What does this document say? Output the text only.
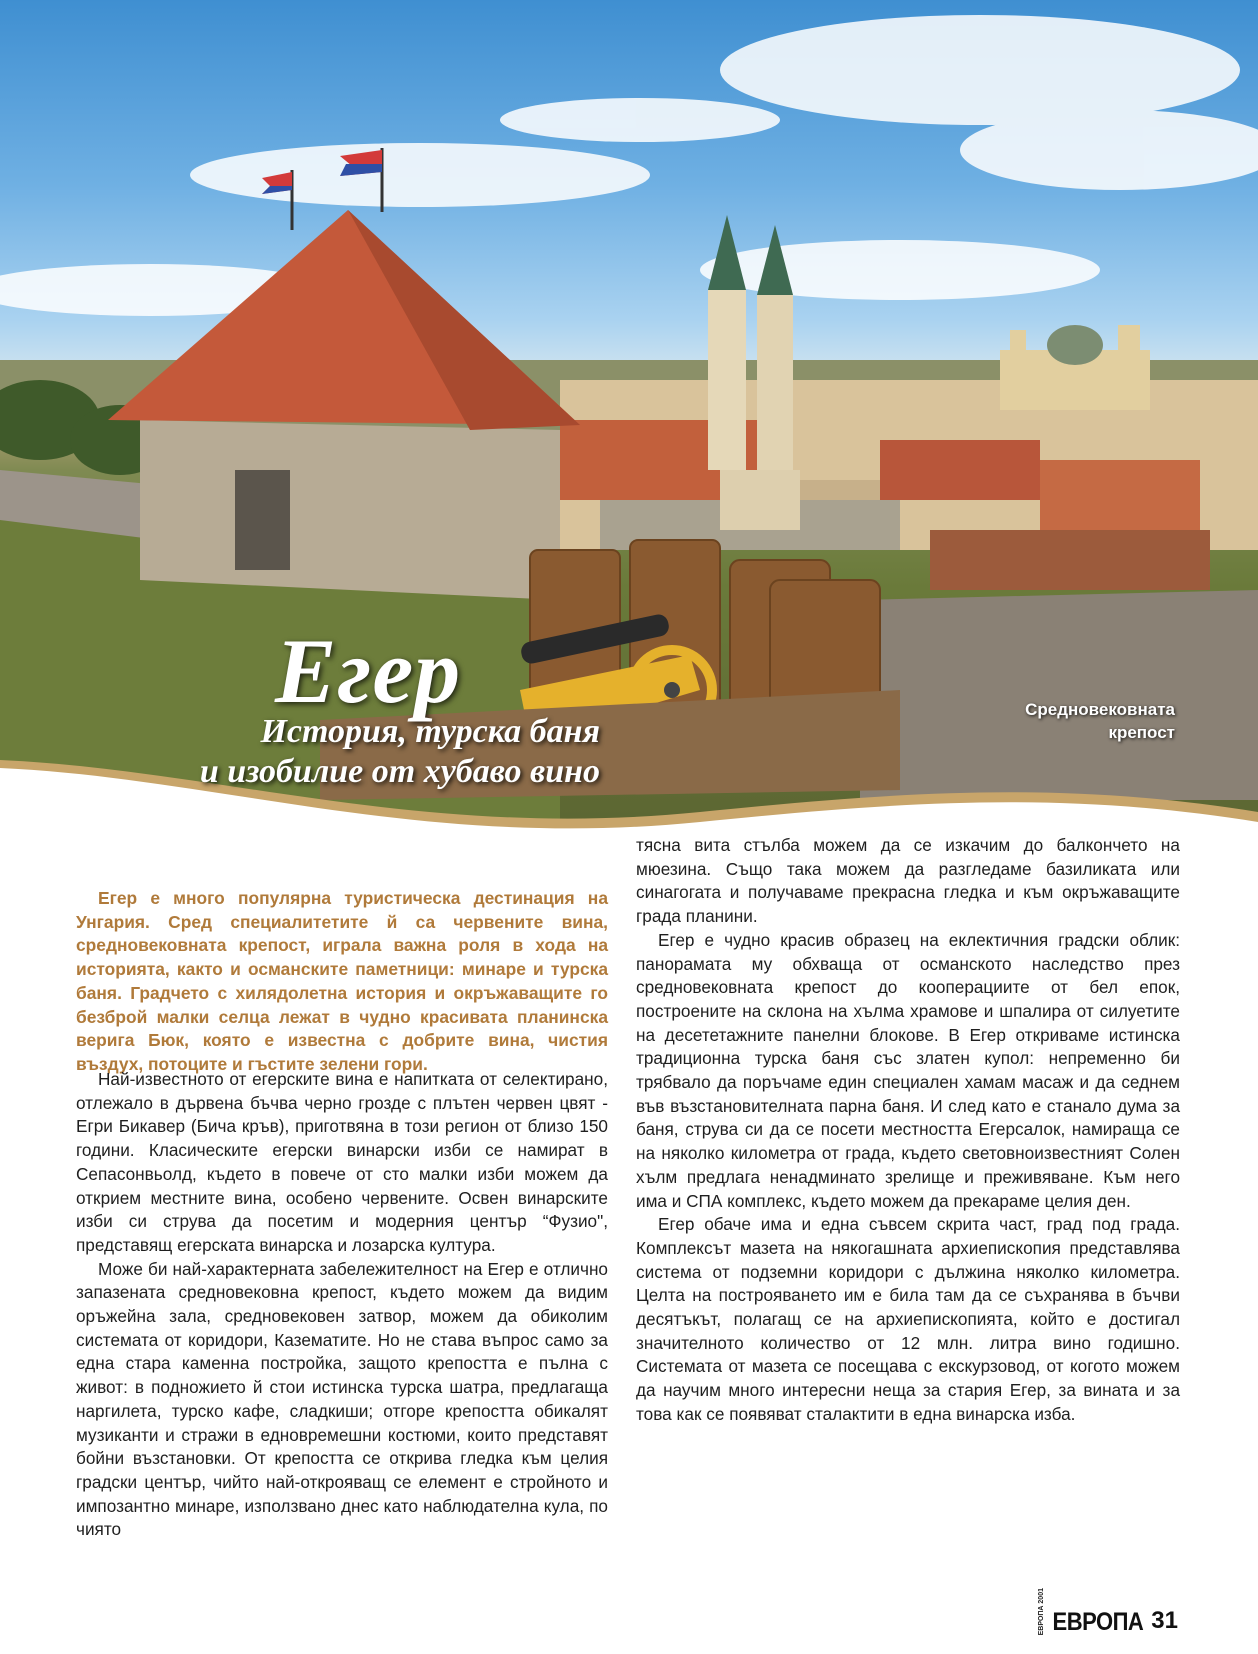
Егер
История, турска баня
и изобилие от хубаво вино
Средновековната
крепост

Егер е много популярна туристическа дестинация на Унгария. Сред специалитетите й са червените вина, средновековната крепост, играла важна роля в хода на историята, както и османските паметници: минаре и турска баня. Градчето с хилядолетна история и окръжаващите го безброй малки селца лежат в чудно красивата планинска верига Бюк, която е известна с добрите вина, чистия въздух, потоците и гъстите зелени гори.

Най-известното от егерските вина е напитката от селектирано, отлежало в дървена бъчва черно грозде с плътен червен цвят - Егри Бикавер (Бича кръв), приготвяна в този регион от близо 150 години. Класическите егерски винарски изби се намират в Сепасонвьолд, където в повече от сто малки изби можем да открием местните вина, особено червените. Освен винарските изби си струва да посетим и модерния център “Фузио", представящ егерската винарска и лозарска култура.

Може би най-характерната забележителност на Егер е отлично запазената средновековна крепост, където можем да видим оръжейна зала, средновековен затвор, можем да обиколим системата от коридори, Казематите. Но не става въпрос само за една стара каменна постройка, защото крепостта е пълна с живот: в подножието й стои истинска турска шатра, предлагаща наргилета, турско кафе, сладкиши; отгоре крепостта обикалят музиканти и стражи в едновремешни костюми, които представят бойни възстановки. От крепостта се открива гледка към целия градски център, чийто най-открояващ се елемент е стройното и импозантно минаре, използвано днес като наблюдателна кула, по чиято

тясна вита стълба можем да се изкачим до балкончето на мюезина. Също така можем да разгледаме базиликата или синагогата и получаваме прекрасна гледка и към окръжаващите града планини.

Егер е чудно красив образец на еклектичния градски облик: панорамата му обхваща от османското наследство през средновековната крепост до кооперациите от бел епок, построените на склона на хълма храмове и шпалира от силуетите на десететажните панелни блокове. В Егер откриваме истинска традиционна турска баня със златен купол: непременно би трябвало да поръчаме един специален хамам масаж и да седнем във възстановителната парна баня. И след като е станало дума за баня, струва си да се посети местността Егерсалок, намираща се на няколко километра от града, където световноизвестният Солен хълм предлага ненадминато зрелище и преживяване. Към него има и СПА комплекс, където можем да прекараме целия ден.

Егер обаче има и една съвсем скрита част, град под града. Комплексът мазета на някогашната архиепископия представлява система от подземни коридори с дължина няколко километра. Целта на построяването им е била там да се съхранява в бъчви десятъкът, полагащ се на архиепископията, който е достигал значителното количество от 12 млн. литра вино годишно. Системата от мазета се посещава с екскурзовод, от когото можем да научим много интересни неща за стария Егер, за вината и за това как се появяват сталактити в една винарска изба.

ЕВРОПА 2001 ЕВРОПА 31
